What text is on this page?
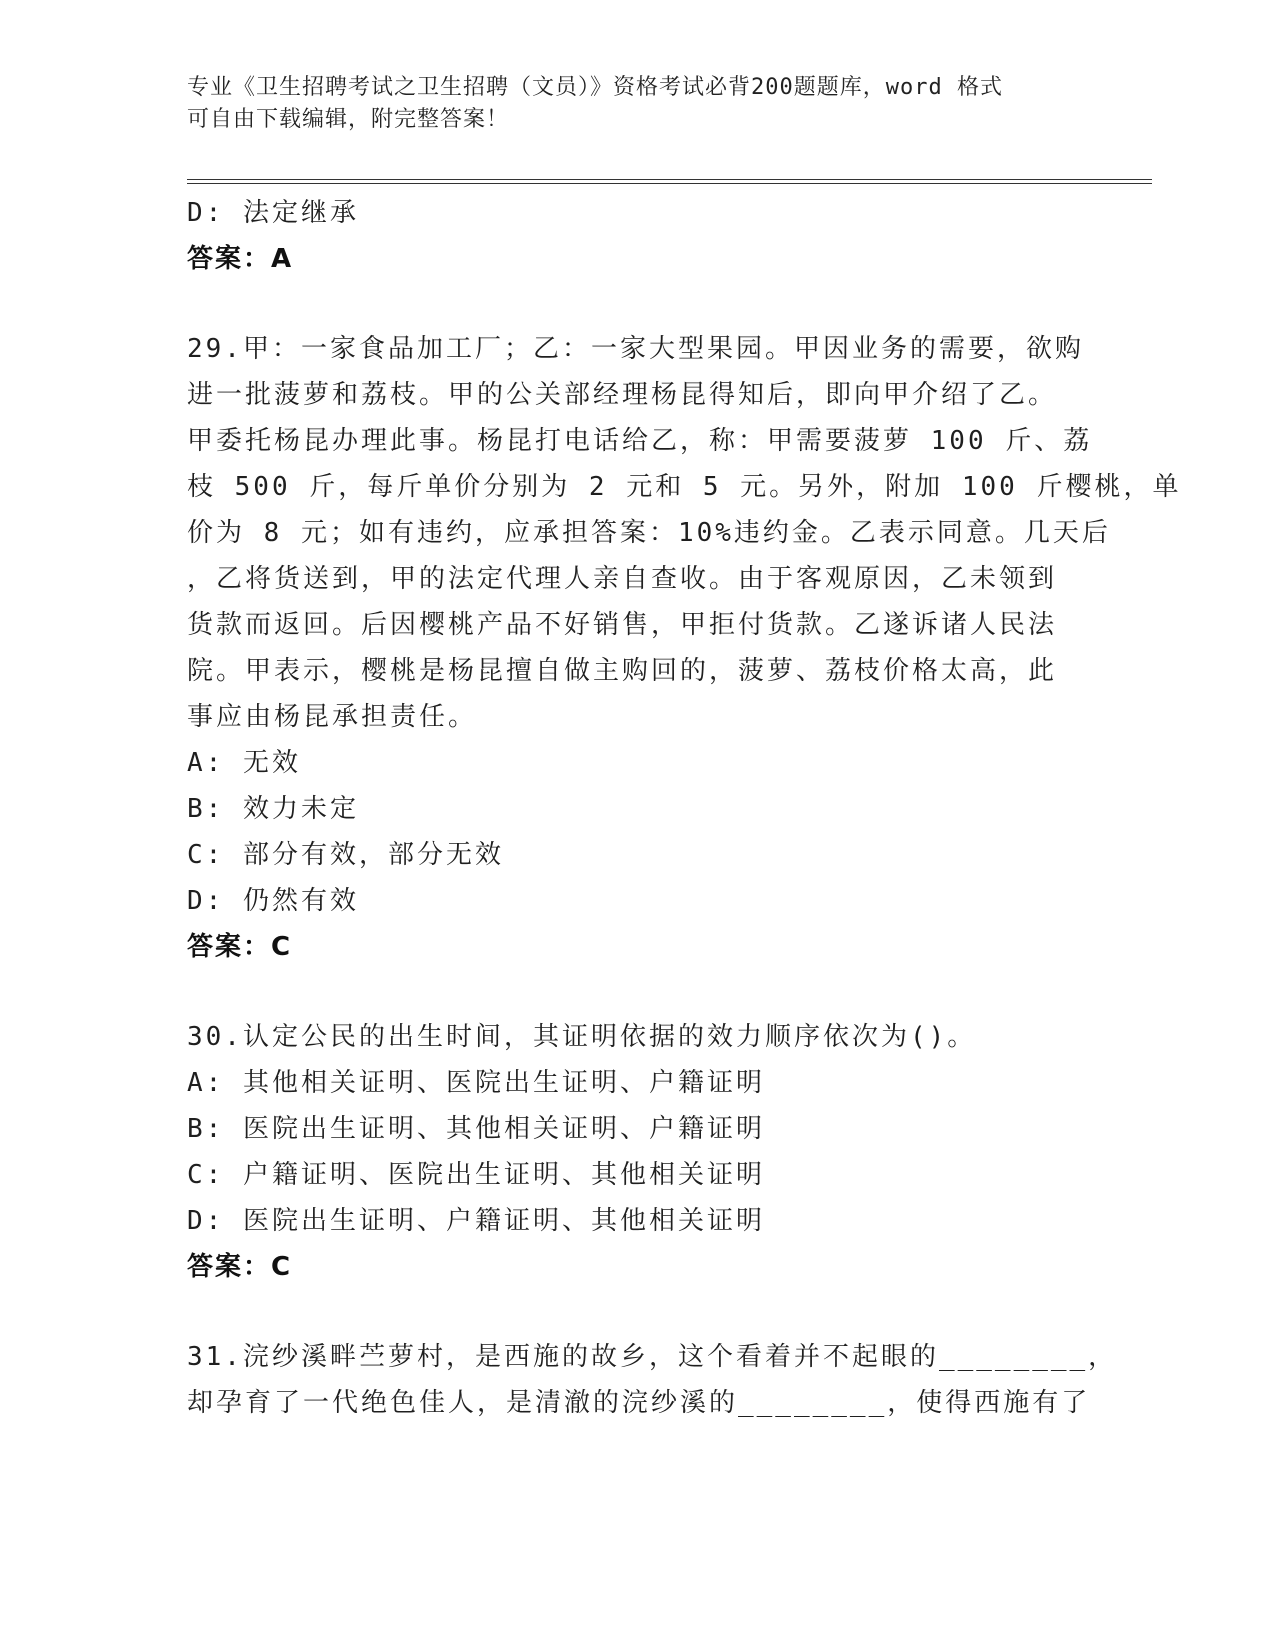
专业《卫生招聘考试之卫生招聘（文员）》资格考试必背200题题库，word 格式
可自由下载编辑，附完整答案！
D: 法定继承
答案：A
29.甲：一家食品加工厂；乙：一家大型果园。甲因业务的需要，欲购
进一批菠萝和荔枝。甲的公关部经理杨昆得知后，即向甲介绍了乙。
甲委托杨昆办理此事。杨昆打电话给乙，称：甲需要菠萝 100 斤、荔
枝 500 斤，每斤单价分别为 2 元和 5 元。另外，附加 100 斤樱桃，单
价为 8 元；如有违约，应承担答案：10%违约金。乙表示同意。几天后
，乙将货送到，甲的法定代理人亲自查收。由于客观原因，乙未领到
货款而返回。后因樱桃产品不好销售，甲拒付货款。乙遂诉诸人民法
院。甲表示，樱桃是杨昆擅自做主购回的，菠萝、荔枝价格太高，此
事应由杨昆承担责任。
A: 无效
B: 效力未定
C: 部分有效，部分无效
D: 仍然有效
答案：C
30.认定公民的出生时间，其证明依据的效力顺序依次为()。
A: 其他相关证明、医院出生证明、户籍证明
B: 医院出生证明、其他相关证明、户籍证明
C: 户籍证明、医院出生证明、其他相关证明
D: 医院出生证明、户籍证明、其他相关证明
答案：C
31.浣纱溪畔苎萝村，是西施的故乡，这个看着并不起眼的________，
却孕育了一代绝色佳人，是清澈的浣纱溪的________，使得西施有了
